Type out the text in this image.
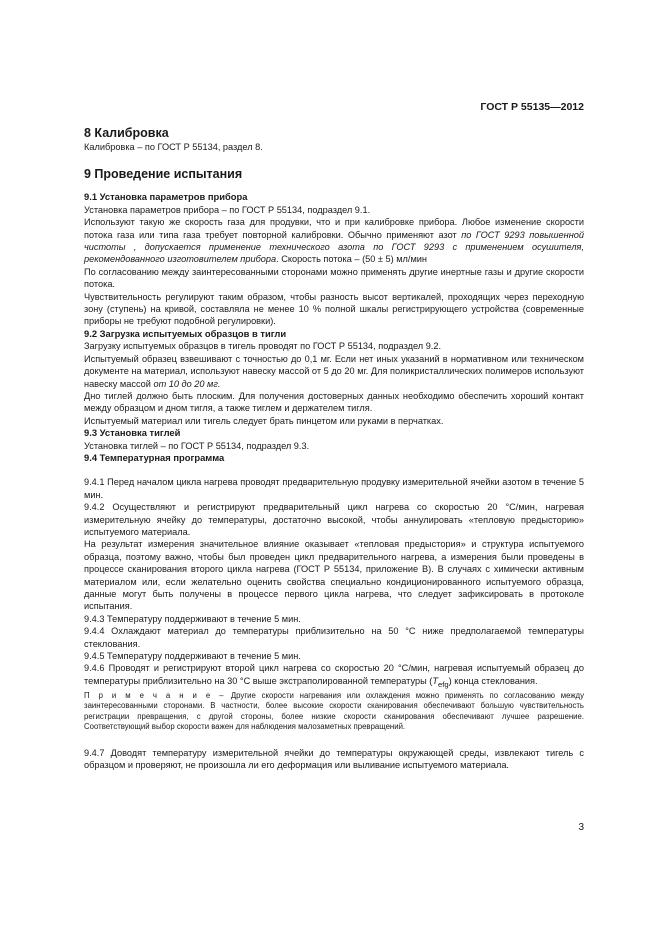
ГОСТ Р 55135—2012
8 Калибровка

Калибровка – по ГОСТ Р 55134, раздел 8.

9 Проведение испытания
9.1 Установка параметров прибора

Установка параметров прибора – по ГОСТ Р 55134, подраздел 9.1.

Используют такую же скорость газа для продувки, что и при калибровке прибора. Любое изменение скорости потока газа или типа газа требует повторной калибровки. Обычно применяют азот по ГОСТ 9293 повышенной чистоты , допускается применение технического азота по ГОСТ 9293 с применением осушителя, рекомендованного изготовителем прибора. Скорость потока – (50 ± 5) мл/мин

По согласованию между заинтересованными сторонами можно применять другие инертные газы и другие скорости потока.

Чувствительность регулируют таким образом, чтобы разность высот вертикалей, проходящих через переходную зону (ступень) на кривой, составляла не менее 10 % полной шкалы регистрирующего устройства (современные приборы не требуют подобной регулировки).

9.2 Загрузка испытуемых образцов в тигли

Загрузку испытуемых образцов в тигель проводят по ГОСТ Р 55134, подраздел 9.2.

Испытуемый образец взвешивают с точностью до 0,1 мг. Если нет иных указаний в нормативном или техническом документе на материал, используют навеску массой от 5 до 20 мг. Для поликристаллических полимеров используют навеску массой от 10 до 20 мг.

Дно тиглей должно быть плоским. Для получения достоверных данных необходимо обеспечить хороший контакт между образцом и дном тигля, а также тиглем и держателем тигля.

Испытуемый материал или тигель следует брать пинцетом или руками в перчатках.

9.3 Установка тиглей

Установка тиглей – по ГОСТ Р 55134, подраздел 9.3.

9.4 Температурная программа

9.4.1 Перед началом цикла нагрева проводят предварительную продувку измерительной ячейки азотом в течение 5 мин.

9.4.2 Осуществляют и регистрируют предварительный цикл нагрева со скоростью 20 °С/мин, нагревая измерительную ячейку до температуры, достаточно высокой, чтобы аннулировать «тепловую предысторию» испытуемого материала.

На результат измерения значительное влияние оказывает «тепловая предыстория» и структура испытуемого образца, поэтому важно, чтобы был проведен цикл предварительного нагрева, а измерения были проведены в процессе сканирования второго цикла нагрева (ГОСТ Р 55134, приложение В). В случаях с химически активным материалом или, если желательно оценить свойства специально кондиционированного испытуемого образца, данные могут быть получены в процессе первого цикла нагрева, что следует зафиксировать в протоколе испытания.

9.4.3 Температуру поддерживают в течение 5 мин.

9.4.4 Охлаждают материал до температуры приблизительно на 50 °С ниже предполагаемой температуры стеклования.

9.4.5 Температуру поддерживают в течение 5 мин.

9.4.6 Проводят и регистрируют второй цикл нагрева со скоростью 20 °С/мин, нагревая испытуемый образец до температуры приблизительно на 30 °С выше экстраполированной температуры $(T_{efg})$ конца стеклования.

П р и м е ч а н и е – Другие скорости нагревания или охлаждения можно применять по согласованию между заинтересованными сторонами. В частности, более высокие скорости сканирования обеспечивают большую чувствительность регистрации превращения, с другой стороны, более низкие скорости сканирования обеспечивают лучшее разрешение. Соответствующий выбор скорости важен для наблюдения малозаметных превращений.

9.4.7 Доводят температуру измерительной ячейки до температуры окружающей среды, извлекают тигель с образцом и проверяют, не произошла ли его деформация или выливание испытуемого материала.

3
